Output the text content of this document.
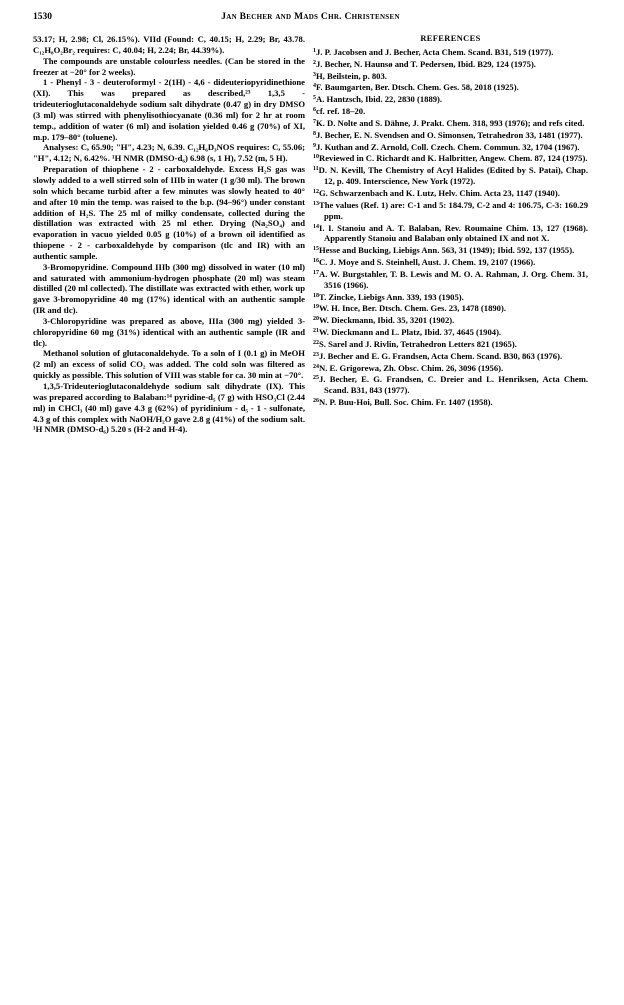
1530	Jan Becher and Mads Chr. Christensen

53.17; H, 2.98; Cl, 26.15%). VIId (Found: C, 40.15; H, 2.29; Br, 43.78. C₁₂H₈O₂Br₂ requires: C, 40.04; H, 2.24; Br, 44.39%).

The compounds are unstable colourless needles. (Can be stored in the freezer at −20° for 2 weeks).

1 - Phenyl - 3 - deuteroformyl - 2(1H) - 4,6 - dideuteriopyridinethione (XI). This was prepared as described,²³ 1,3,5 - trideuterioglutaconaldehyde sodium salt dihydrate (0.47 g) in dry DMSO (3 ml) was stirred with phenylisothiocyanate (0.36 ml) for 2 hr at room temp., addition of water (6 ml) and isolation yielded 0.46 g (70%) of XI, m.p. 179–80° (toluene).

Analyses: C, 65.90; "H", 4.23; N, 6.39. C₁₂H₆D₃NOS requires: C, 55.06; "H", 4.12; N, 6.42%. ¹H NMR (DMSO-d₆) 6.98 (s, 1 H), 7.52 (m, 5 H).

Preparation of thiophene - 2 - carboxaldehyde. Excess H₂S gas was slowly added to a well stirred soln of IIIb in water (1 g/30 ml). The brown soln which became turbid after a few minutes was slowly heated to 40° and after 10 min the temp. was raised to the b.p. (94–96°) under constant addition of H₂S. The 25 ml of milky condensate, collected during the distillation was extracted with 25 ml ether. Drying (Na₂SO₄) and evaporation in vacuo yielded 0.05 g (10%) of a brown oil identified as thiopene - 2 - carboxaldehyde by comparison (tlc and IR) with an authentic sample.

3-Bromopyridine. Compound IIIb (300 mg) dissolved in water (10 ml) and saturated with ammonium-hydrogen phosphate (20 ml) was steam distilled (20 ml collected). The distillate was extracted with ether, work up gave 3-bromopyridine 40 mg (17%) identical with an authentic sample (IR and tlc).

3-Chloropyridine was prepared as above, IIIa (300 mg) yielded 3-chloropyridine 60 mg (31%) identical with an authentic sample (IR and tlc).

Methanol solution of glutaconaldehyde. To a soln of I (0.1 g) in MeOH (2 ml) an excess of solid CO₂ was added. The cold soln was filtered as quickly as possible. This solution of VIII was stable for ca. 30 min at −70°.

1,3,5-Trideuterioglutaconaldehyde sodium salt dihydrate (IX). This was prepared according to Balaban:¹⁴ pyridine-d₅ (7 g) with HSO₃Cl (2.44 ml) in CHCl₃ (40 ml) gave 4.3 g (62%) of pyridinium - d₅ - 1 - sulfonate, 4.3 g of this complex with NaOH/H₂O gave 2.8 g (41%) of the sodium salt. ¹H NMR (DMSO-d₆) 5.20 s (H-2 and H-4).

REFERENCES

$^1$J. P. Jacobsen and J. Becher, Acta Chem. Scand. B31, 519 (1977).

$^2$J. Becher, N. Haunsø and T. Pedersen, Ibid. B29, 124 (1975).

$^3$H, Beilstein, p. 803.

$^4$F. Baumgarten, Ber. Dtsch. Chem. Ges. 58, 2018 (1925).

$^5$A. Hantzsch, Ibid. 22, 2830 (1889).

$^6$cf. ref. 18–20.

$^7$K. D. Nolte and S. Dähne, J. Prakt. Chem. 318, 993 (1976); and refs cited.

$^8$J. Becher, E. N. Svendsen and O. Simonsen, Tetrahedron 33, 1481 (1977).

$^9$J. Kuthan and Z. Arnold, Coll. Czech. Chem. Commun. 32, 1704 (1967).

$^{10}$Reviewed in C. Richardt and K. Halbritter, Angew. Chem. 87, 124 (1975).

$^{11}$D. N. Kevill, The Chemistry of Acyl Halides (Edited by S. Patai), Chap. 12, p. 409. Interscience, New York (1972).

$^{12}$G. Schwarzenbach and K. Lutz, Helv. Chim. Acta 23, 1147 (1940).

$^{13}$The values (Ref. 1) are: C-1 and 5: 184.79, C-2 and 4: 106.75, C-3: 160.29 ppm.

$^{14}$I. I. Stanoiu and A. T. Balaban, Rev. Roumaine Chim. 13, 127 (1968). Apparently Stanoiu and Balaban only obtained IX and not X.

$^{15}$Hesse and Bucking, Liebigs Ann. 563, 31 (1949); Ibid. 592, 137 (1955).

$^{16}$C. J. Moye and S. Steinhell, Aust. J. Chem. 19, 2107 (1966).

$^{17}$A. W. Burgstahler, T. B. Lewis and M. O. A. Rahman, J. Org. Chem. 31, 3516 (1966).

$^{18}$T. Zincke, Liebigs Ann. 339, 193 (1905).

$^{19}$W. H. Ince, Ber. Dtsch. Chem. Ges. 23, 1478 (1890).

$^{20}$W. Dieckmann, Ibid. 35, 3201 (1902).

$^{21}$W. Dieckmann and L. Platz, Ibid. 37, 4645 (1904).

$^{22}$S. Sarel and J. Rivlin, Tetrahedron Letters 821 (1965).

$^{23}$J. Becher and E. G. Frandsen, Acta Chem. Scand. B30, 863 (1976).

$^{24}$N. E. Grigorewa, Zh. Obsc. Chim. 26, 3096 (1956).

$^{25}$J. Becher, E. G. Frandsen, C. Dreier and L. Henriksen, Acta Chem. Scand. B31, 843 (1977).

$^{26}$N. P. Buu-Hoi, Bull. Soc. Chim. Fr. 1407 (1958).
